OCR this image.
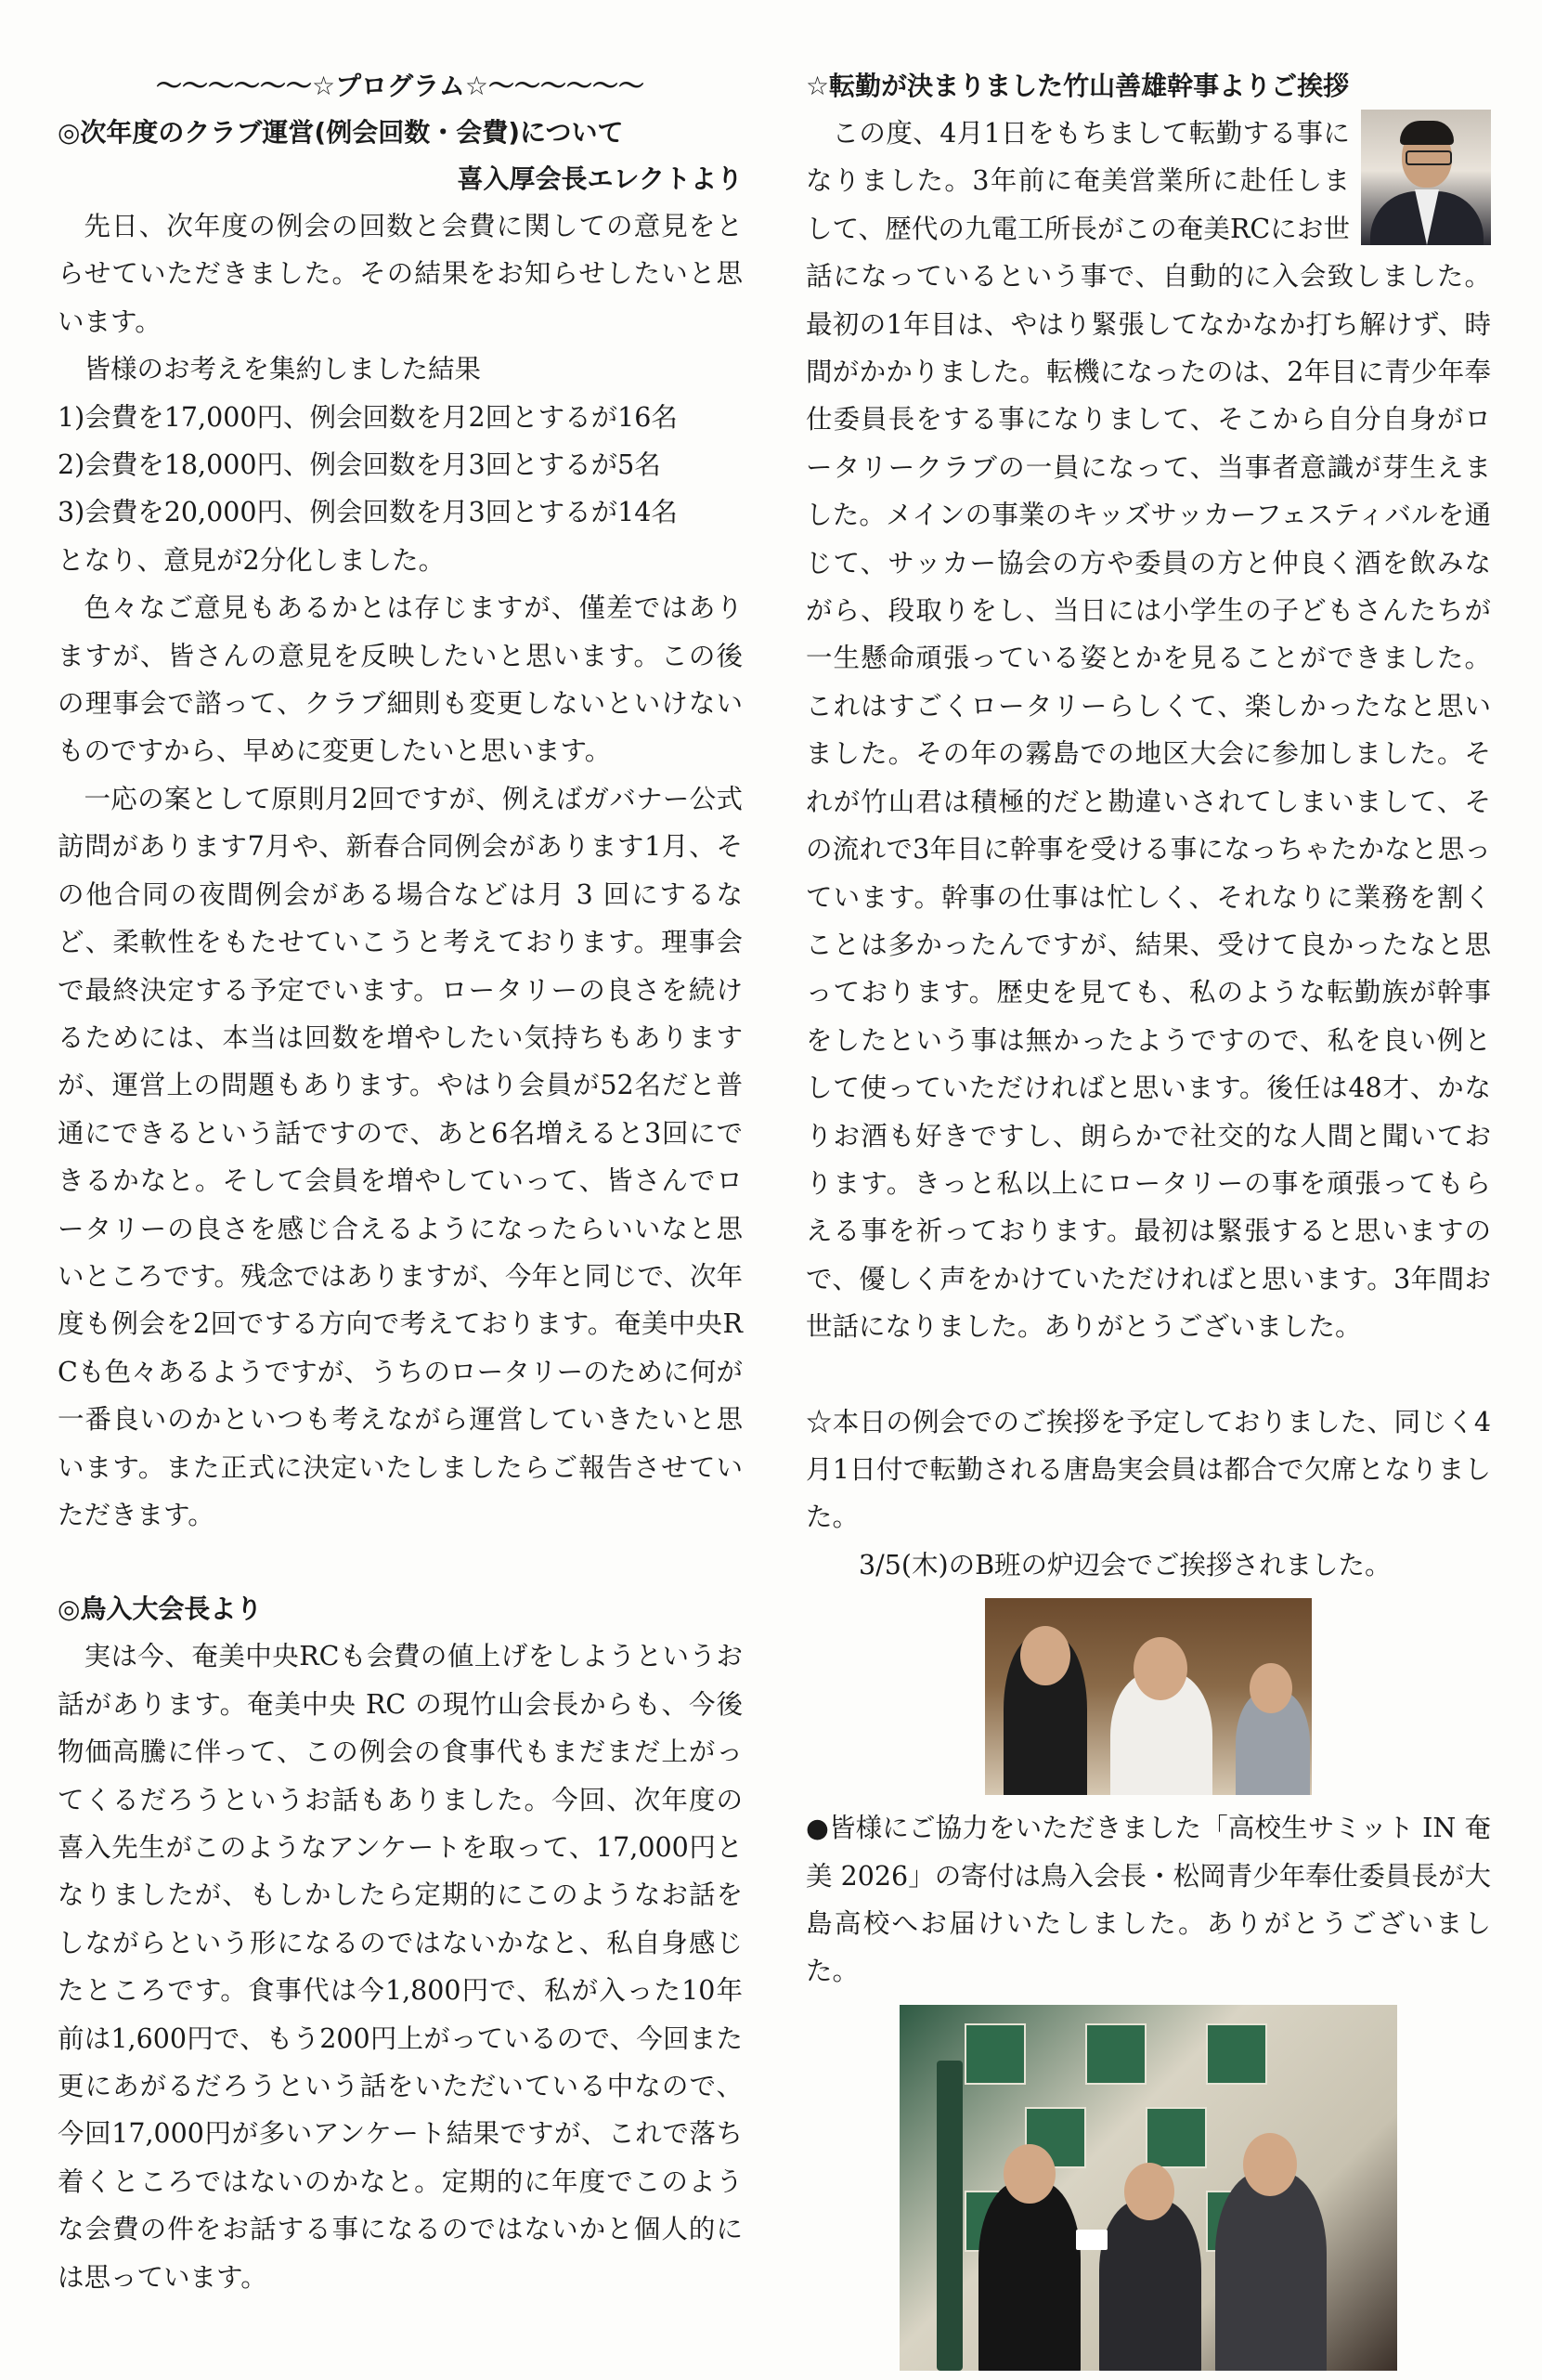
〜〜〜〜〜〜☆プログラム☆〜〜〜〜〜〜

◎次年度のクラブ運営(例会回数・会費)について

喜入厚会長エレクトより

先日、次年度の例会の回数と会費に関しての意見をとらせていただきました。その結果をお知らせしたいと思います。

皆様のお考えを集約しました結果

1)会費を17,000円、例会回数を月2回とするが16名

2)会費を18,000円、例会回数を月3回とするが5名

3)会費を20,000円、例会回数を月3回とするが14名

となり、意見が2分化しました。

色々なご意見もあるかとは存じますが、僅差ではありますが、皆さんの意見を反映したいと思います。この後の理事会で諮って、クラブ細則も変更しないといけないものですから、早めに変更したいと思います。

一応の案として原則月2回ですが、例えばガバナー公式訪問があります7月や、新春合同例会があります1月、その他合同の夜間例会がある場合などは月 3 回にするなど、柔軟性をもたせていこうと考えております。理事会で最終決定する予定でいます。ロータリーの良さを続けるためには、本当は回数を増やしたい気持ちもありますが、運営上の問題もあります。やはり会員が52名だと普通にできるという話ですので、あと6名増えると3回にできるかなと。そして会員を増やしていって、皆さんでロータリーの良さを感じ合えるようになったらいいなと思いところです。残念ではありますが、今年と同じで、次年度も例会を2回でする方向で考えております。奄美中央RCも色々あるようですが、うちのロータリーのために何が一番良いのかといつも考えながら運営していきたいと思います。また正式に決定いたしましたらご報告させていただきます。

◎鳥入大会長より

実は今、奄美中央RCも会費の値上げをしようというお話があります。奄美中央 RC の現竹山会長からも、今後物価高騰に伴って、この例会の食事代もまだまだ上がってくるだろうというお話もありました。今回、次年度の喜入先生がこのようなアンケートを取って、17,000円となりましたが、もしかしたら定期的にこのようなお話をしながらという形になるのではないかなと、私自身感じたところです。食事代は今1,800円で、私が入った10年前は1,600円で、もう200円上がっているので、今回また更にあがるだろうという話をいただいている中なので、今回17,000円が多いアンケート結果ですが、これで落ち着くところではないのかなと。定期的に年度でこのような会費の件をお話する事になるのではないかと個人的には思っています。

☆転勤が決まりました竹山善雄幹事よりご挨拶

この度、4月1日をもちまして転勤する事になりました。3年前に奄美営業所に赴任しまして、歴代の九電工所長がこの奄美RCにお世話になっているという事で、自動的に入会致しました。最初の1年目は、やはり緊張してなかなか打ち解けず、時間がかかりました。転機になったのは、2年目に青少年奉仕委員長をする事になりまして、そこから自分自身がロータリークラブの一員になって、当事者意識が芽生えました。メインの事業のキッズサッカーフェスティバルを通じて、サッカー協会の方や委員の方と仲良く酒を飲みながら、段取りをし、当日には小学生の子どもさんたちが一生懸命頑張っている姿とかを見ることができました。これはすごくロータリーらしくて、楽しかったなと思いました。その年の霧島での地区大会に参加しました。それが竹山君は積極的だと勘違いされてしまいまして、その流れで3年目に幹事を受ける事になっちゃたかなと思っています。幹事の仕事は忙しく、それなりに業務を割くことは多かったんですが、結果、受けて良かったなと思っております。歴史を見ても、私のような転勤族が幹事をしたという事は無かったようですので、私を良い例として使っていただければと思います。後任は48才、かなりお酒も好きですし、朗らかで社交的な人間と聞いております。きっと私以上にロータリーの事を頑張ってもらえる事を祈っております。最初は緊張すると思いますので、優しく声をかけていただければと思います。3年間お世話になりました。ありがとうございました。

☆本日の例会でのご挨拶を予定しておりました、同じく4月1日付で転勤される唐島実会員は都合で欠席となりました。

3/5(木)のB班の炉辺会でご挨拶されました。

●皆様にご協力をいただきました「高校生サミット IN 奄美 2026」の寄付は鳥入会長・松岡青少年奉仕委員長が大島高校へお届けいたしました。ありがとうございました。
